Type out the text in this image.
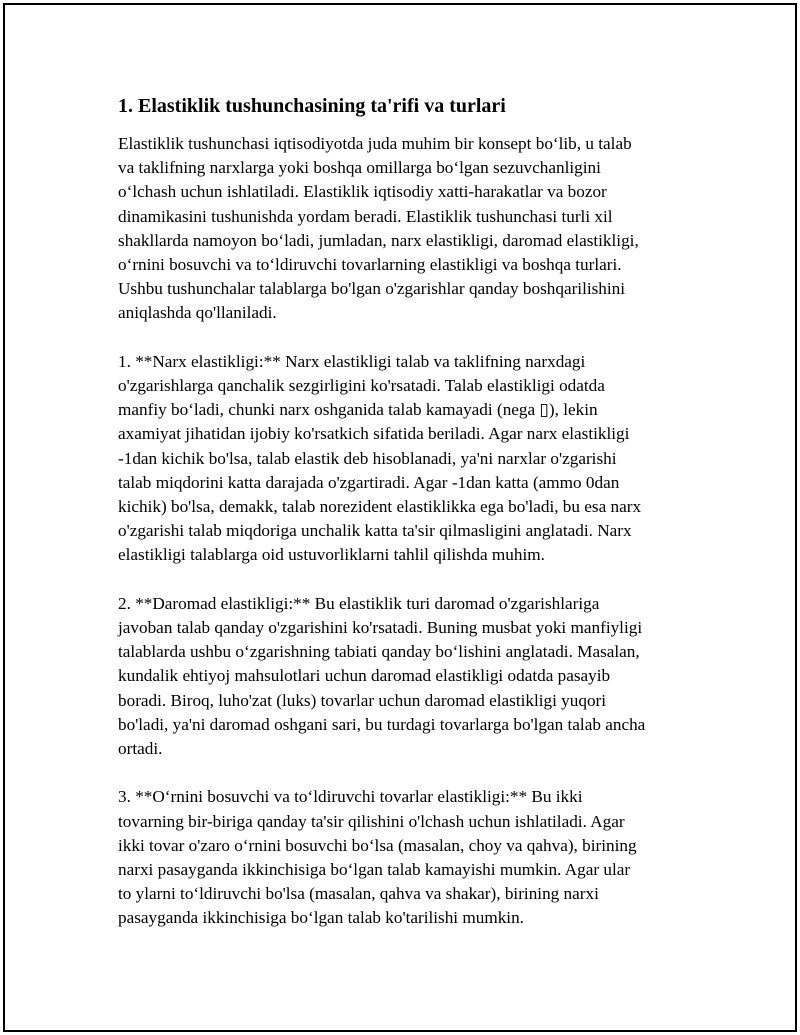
1. Elastiklik tushunchasining ta'rifi va turlari
Elastiklik tushunchasi iqtisodiyotda juda muhim bir konsept bo‘lib, u talab
va taklifning narxlarga yoki boshqa omillarga bo‘lgan sezuvchanligini
o‘lchash uchun ishlatiladi. Elastiklik iqtisodiy xatti-harakatlar va bozor
dinamikasini tushunishda yordam beradi. Elastiklik tushunchasi turli xil
shakllarda namoyon bo‘ladi, jumladan, narx elastikligi, daromad elastikligi,
o‘rnini bosuvchi va to‘ldiruvchi tovarlarning elastikligi va boshqa turlari.
Ushbu tushunchalar talablarga bo'lgan o'zgarishlar qanday boshqarilishini
aniqlashda qo'llaniladi.
1. **Narx elastikligi:** Narx elastikligi talab va taklifning narxdagi
o'zgarishlarga qanchalik sezgirligini ko'rsatadi. Talab elastikligi odatda
manfiy bo‘ladi, chunki narx oshganida talab kamayadi (nega ▯), lekin
axamiyat jihatidan ijobiy ko'rsatkich sifatida beriladi. Agar narx elastikligi
-1dan kichik bo'lsa, talab elastik deb hisoblanadi, ya'ni narxlar o'zgarishi
talab miqdorini katta darajada o'zgartiradi. Agar -1dan katta (ammo 0dan
kichik) bo'lsa, demakk, talab norezident elastiklikka ega bo'ladi, bu esa narx
o'zgarishi talab miqdoriga unchalik katta ta'sir qilmasligini anglatadi. Narx
elastikligi talablarga oid ustuvorliklarni tahlil qilishda muhim.
2. **Daromad elastikligi:** Bu elastiklik turi daromad o'zgarishlariga
javoban talab qanday o'zgarishini ko'rsatadi. Buning musbat yoki manfiyligi
talablarda ushbu o‘zgarishning tabiati qanday bo‘lishini anglatadi. Masalan,
kundalik ehtiyoj mahsulotlari uchun daromad elastikligi odatda pasayib
boradi. Biroq, luho'zat (luks) tovarlar uchun daromad elastikligi yuqori
bo'ladi, ya'ni daromad oshgani sari, bu turdagi tovarlarga bo'lgan talab ancha
ortadi.
3. **O‘rnini bosuvchi va to‘ldiruvchi tovarlar elastikligi:** Bu ikki
tovarning bir-biriga qanday ta'sir qilishini o'lchash uchun ishlatiladi. Agar
ikki tovar o'zaro o‘rnini bosuvchi bo‘lsa (masalan, choy va qahva), birining
narxi pasayganda ikkinchisiga bo‘lgan talab kamayishi mumkin. Agar ular
to ylarni to‘ldiruvchi bo'lsa (masalan, qahva va shakar), birining narxi
pasayganda ikkinchisiga bo‘lgan talab ko'tarilishi mumkin.
